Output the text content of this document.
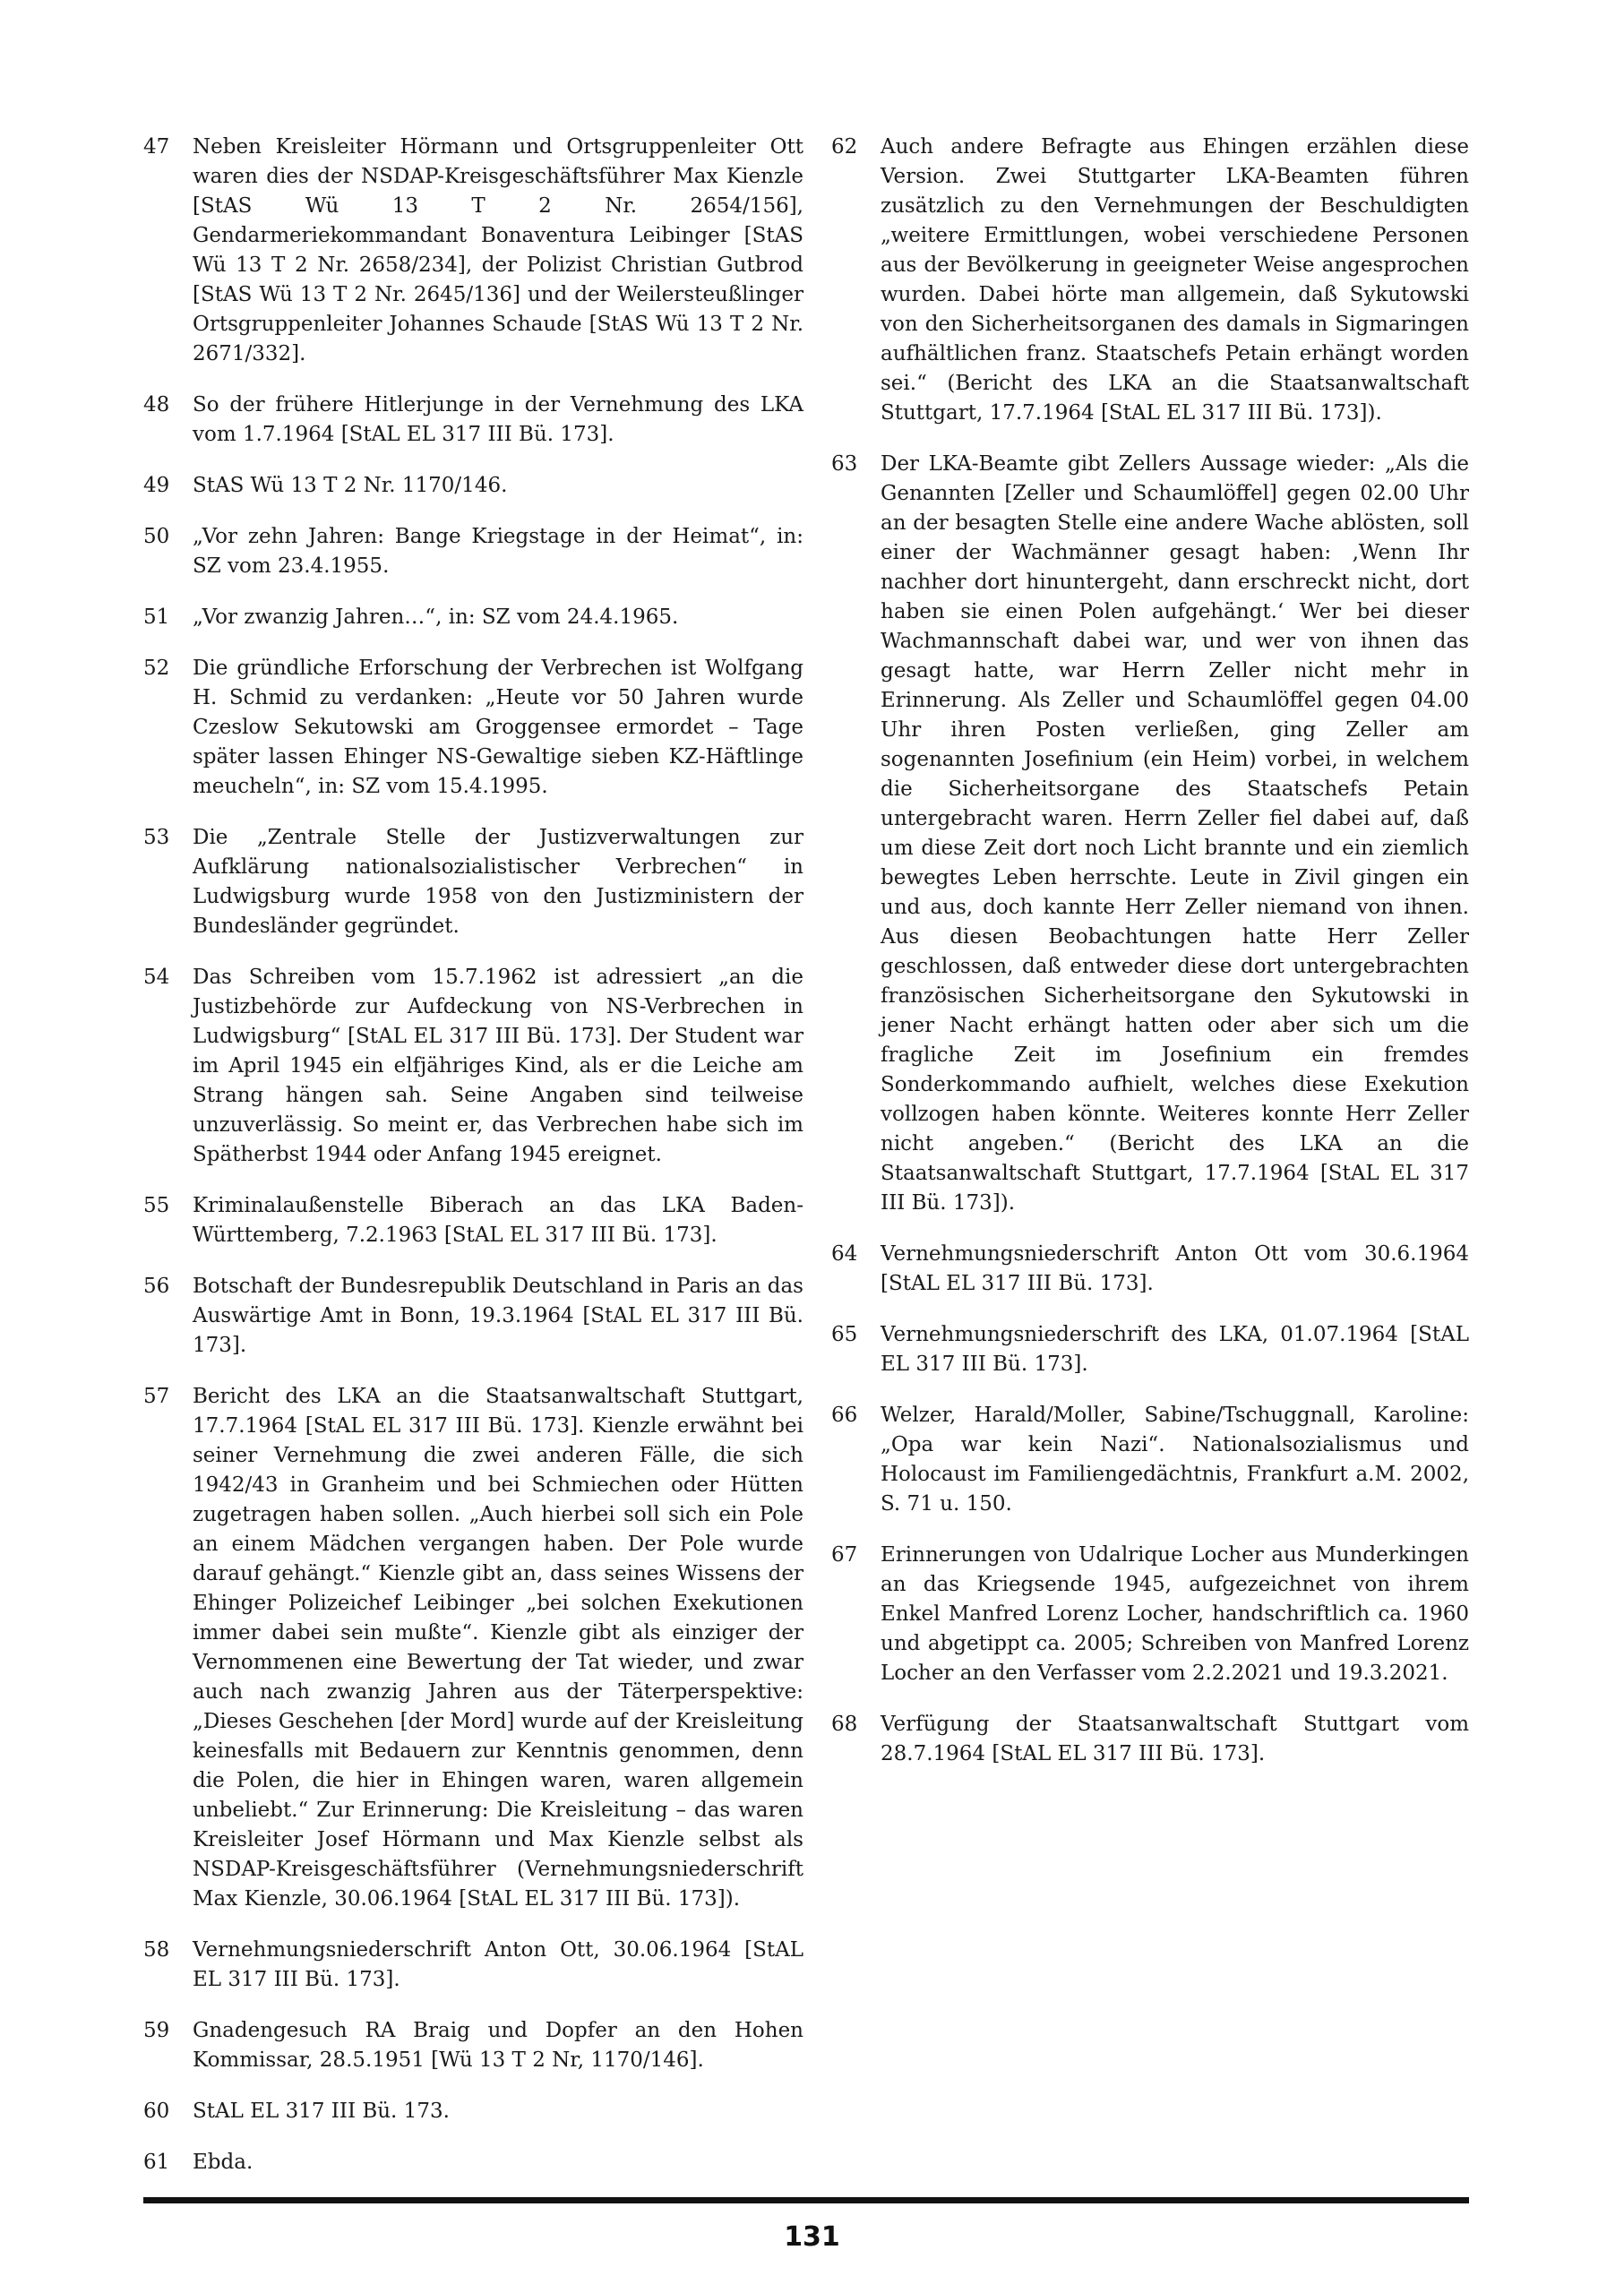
47	Neben Kreisleiter Hörmann und Ortsgruppenleiter Ott waren dies der NSDAP-Kreisgeschäftsführer Max Kienzle [StAS Wü 13 T 2 Nr. 2654/156], Gendarmeriekommandant Bonaventura Leibinger [StAS Wü 13 T 2 Nr. 2658/234], der Polizist Christian Gutbrod [StAS Wü 13 T 2 Nr. 2645/136] und der Weilersteußlinger Ortsgruppenleiter Johannes Schaude [StAS Wü 13 T 2 Nr. 2671/332].
48	So der frühere Hitlerjunge in der Vernehmung des LKA vom 1.7.1964 [StAL EL 317 III Bü. 173].
49	StAS Wü 13 T 2 Nr. 1170/146.
50	„Vor zehn Jahren: Bange Kriegstage in der Heimat“, in: SZ vom 23.4.1955.
51	„Vor zwanzig Jahren…“, in: SZ vom 24.4.1965.
52	Die gründliche Erforschung der Verbrechen ist Wolfgang H. Schmid zu verdanken: „Heute vor 50 Jahren wurde Czeslow Sekutowski am Groggensee ermordet – Tage später lassen Ehinger NS-Gewaltige sieben KZ-Häftlinge meucheln“, in: SZ vom 15.4.1995.
53	Die „Zentrale Stelle der Justizverwaltungen zur Aufklärung nationalsozialistischer Verbrechen“ in Ludwigsburg wurde 1958 von den Justizministern der Bundesländer gegründet.
54	Das Schreiben vom 15.7.1962 ist adressiert „an die Justizbehörde zur Aufdeckung von NS-Verbrechen in Ludwigsburg“ [StAL EL 317 III Bü. 173]. Der Student war im April 1945 ein elfjähriges Kind, als er die Leiche am Strang hängen sah. Seine Angaben sind teilweise unzuverlässig. So meint er, das Verbrechen habe sich im Spätherbst 1944 oder Anfang 1945 ereignet.
55	Kriminalaußenstelle Biberach an das LKA Baden-Württemberg, 7.2.1963 [StAL EL 317 III Bü. 173].
56	Botschaft der Bundesrepublik Deutschland in Paris an das Auswärtige Amt in Bonn, 19.3.1964 [StAL EL 317 III Bü. 173].
57	Bericht des LKA an die Staatsanwaltschaft Stuttgart, 17.7.1964 [StAL EL 317 III Bü. 173]. Kienzle erwähnt bei seiner Vernehmung die zwei anderen Fälle, die sich 1942/43 in Granheim und bei Schmiechen oder Hütten zugetragen haben sollen. „Auch hierbei soll sich ein Pole an einem Mädchen vergangen haben. Der Pole wurde darauf gehängt.“ Kienzle gibt an, dass seines Wissens der Ehinger Polizeichef Leibinger „bei solchen Exekutionen immer dabei sein mußte“. Kienzle gibt als einziger der Vernommenen eine Bewertung der Tat wieder, und zwar auch nach zwanzig Jahren aus der Täterperspektive: „Dieses Geschehen [der Mord] wurde auf der Kreisleitung keinesfalls mit Bedauern zur Kenntnis genommen, denn die Polen, die hier in Ehingen waren, waren allgemein unbeliebt.“ Zur Erinnerung: Die Kreisleitung – das waren Kreisleiter Josef Hörmann und Max Kienzle selbst als NSDAP-Kreisgeschäftsführer (Vernehmungsniederschrift Max Kienzle, 30.06.1964 [StAL EL 317 III Bü. 173]).
58	Vernehmungsniederschrift Anton Ott, 30.06.1964 [StAL EL 317 III Bü. 173].
59	Gnadengesuch RA Braig und Dopfer an den Hohen Kommissar, 28.5.1951 [Wü 13 T 2 Nr, 1170/146].
60	StAL EL 317 III Bü. 173.
61	Ebda.
62	Auch andere Befragte aus Ehingen erzählen diese Version. Zwei Stuttgarter LKA-Beamten führen zusätzlich zu den Vernehmungen der Beschuldigten „weitere Ermittlungen, wobei verschiedene Personen aus der Bevölkerung in geeigneter Weise angesprochen wurden. Dabei hörte man allgemein, daß Sykutowski von den Sicherheitsorganen des damals in Sigmaringen aufhältlichen franz. Staatschefs Petain erhängt worden sei.“ (Bericht des LKA an die Staatsanwaltschaft Stuttgart, 17.7.1964 [StAL EL 317 III Bü. 173]).
63	Der LKA-Beamte gibt Zellers Aussage wieder: „Als die Genannten [Zeller und Schaumlöffel] gegen 02.00 Uhr an der besagten Stelle eine andere Wache ablösten, soll einer der Wachmänner gesagt haben: ‚Wenn Ihr nachher dort hinuntergeht, dann erschreckt nicht, dort haben sie einen Polen aufgehängt.‘ Wer bei dieser Wachmannschaft dabei war, und wer von ihnen das gesagt hatte, war Herrn Zeller nicht mehr in Erinnerung. Als Zeller und Schaumlöffel gegen 04.00 Uhr ihren Posten verließen, ging Zeller am sogenannten Josefinium (ein Heim) vorbei, in welchem die Sicherheitsorgane des Staatschefs Petain untergebracht waren. Herrn Zeller fiel dabei auf, daß um diese Zeit dort noch Licht brannte und ein ziemlich bewegtes Leben herrschte. Leute in Zivil gingen ein und aus, doch kannte Herr Zeller niemand von ihnen. Aus diesen Beobachtungen hatte Herr Zeller geschlossen, daß entweder diese dort untergebrachten französischen Sicherheitsorgane den Sykutowski in jener Nacht erhängt hatten oder aber sich um die fragliche Zeit im Josefinium ein fremdes Sonderkommando aufhielt, welches diese Exekution vollzogen haben könnte. Weiteres konnte Herr Zeller nicht angeben.“ (Bericht des LKA an die Staatsanwaltschaft Stuttgart, 17.7.1964 [StAL EL 317 III Bü. 173]).
64	Vernehmungsniederschrift Anton Ott vom 30.6.1964 [StAL EL 317 III Bü. 173].
65	Vernehmungsniederschrift des LKA, 01.07.1964 [StAL EL 317 III Bü. 173].
66	Welzer, Harald/Moller, Sabine/Tschuggnall, Karoline: „Opa war kein Nazi“. Nationalsozialismus und Holocaust im Familiengedächtnis, Frankfurt a.M. 2002, S. 71 u. 150.
67	Erinnerungen von Udalrique Locher aus Munderkingen an das Kriegsende 1945, aufgezeichnet von ihrem Enkel Manfred Lorenz Locher, handschriftlich ca. 1960 und abgetippt ca. 2005; Schreiben von Manfred Lorenz Locher an den Verfasser vom 2.2.2021 und 19.3.2021.
68	Verfügung der Staatsanwaltschaft Stuttgart vom 28.7.1964 [StAL EL 317 III Bü. 173].
131
